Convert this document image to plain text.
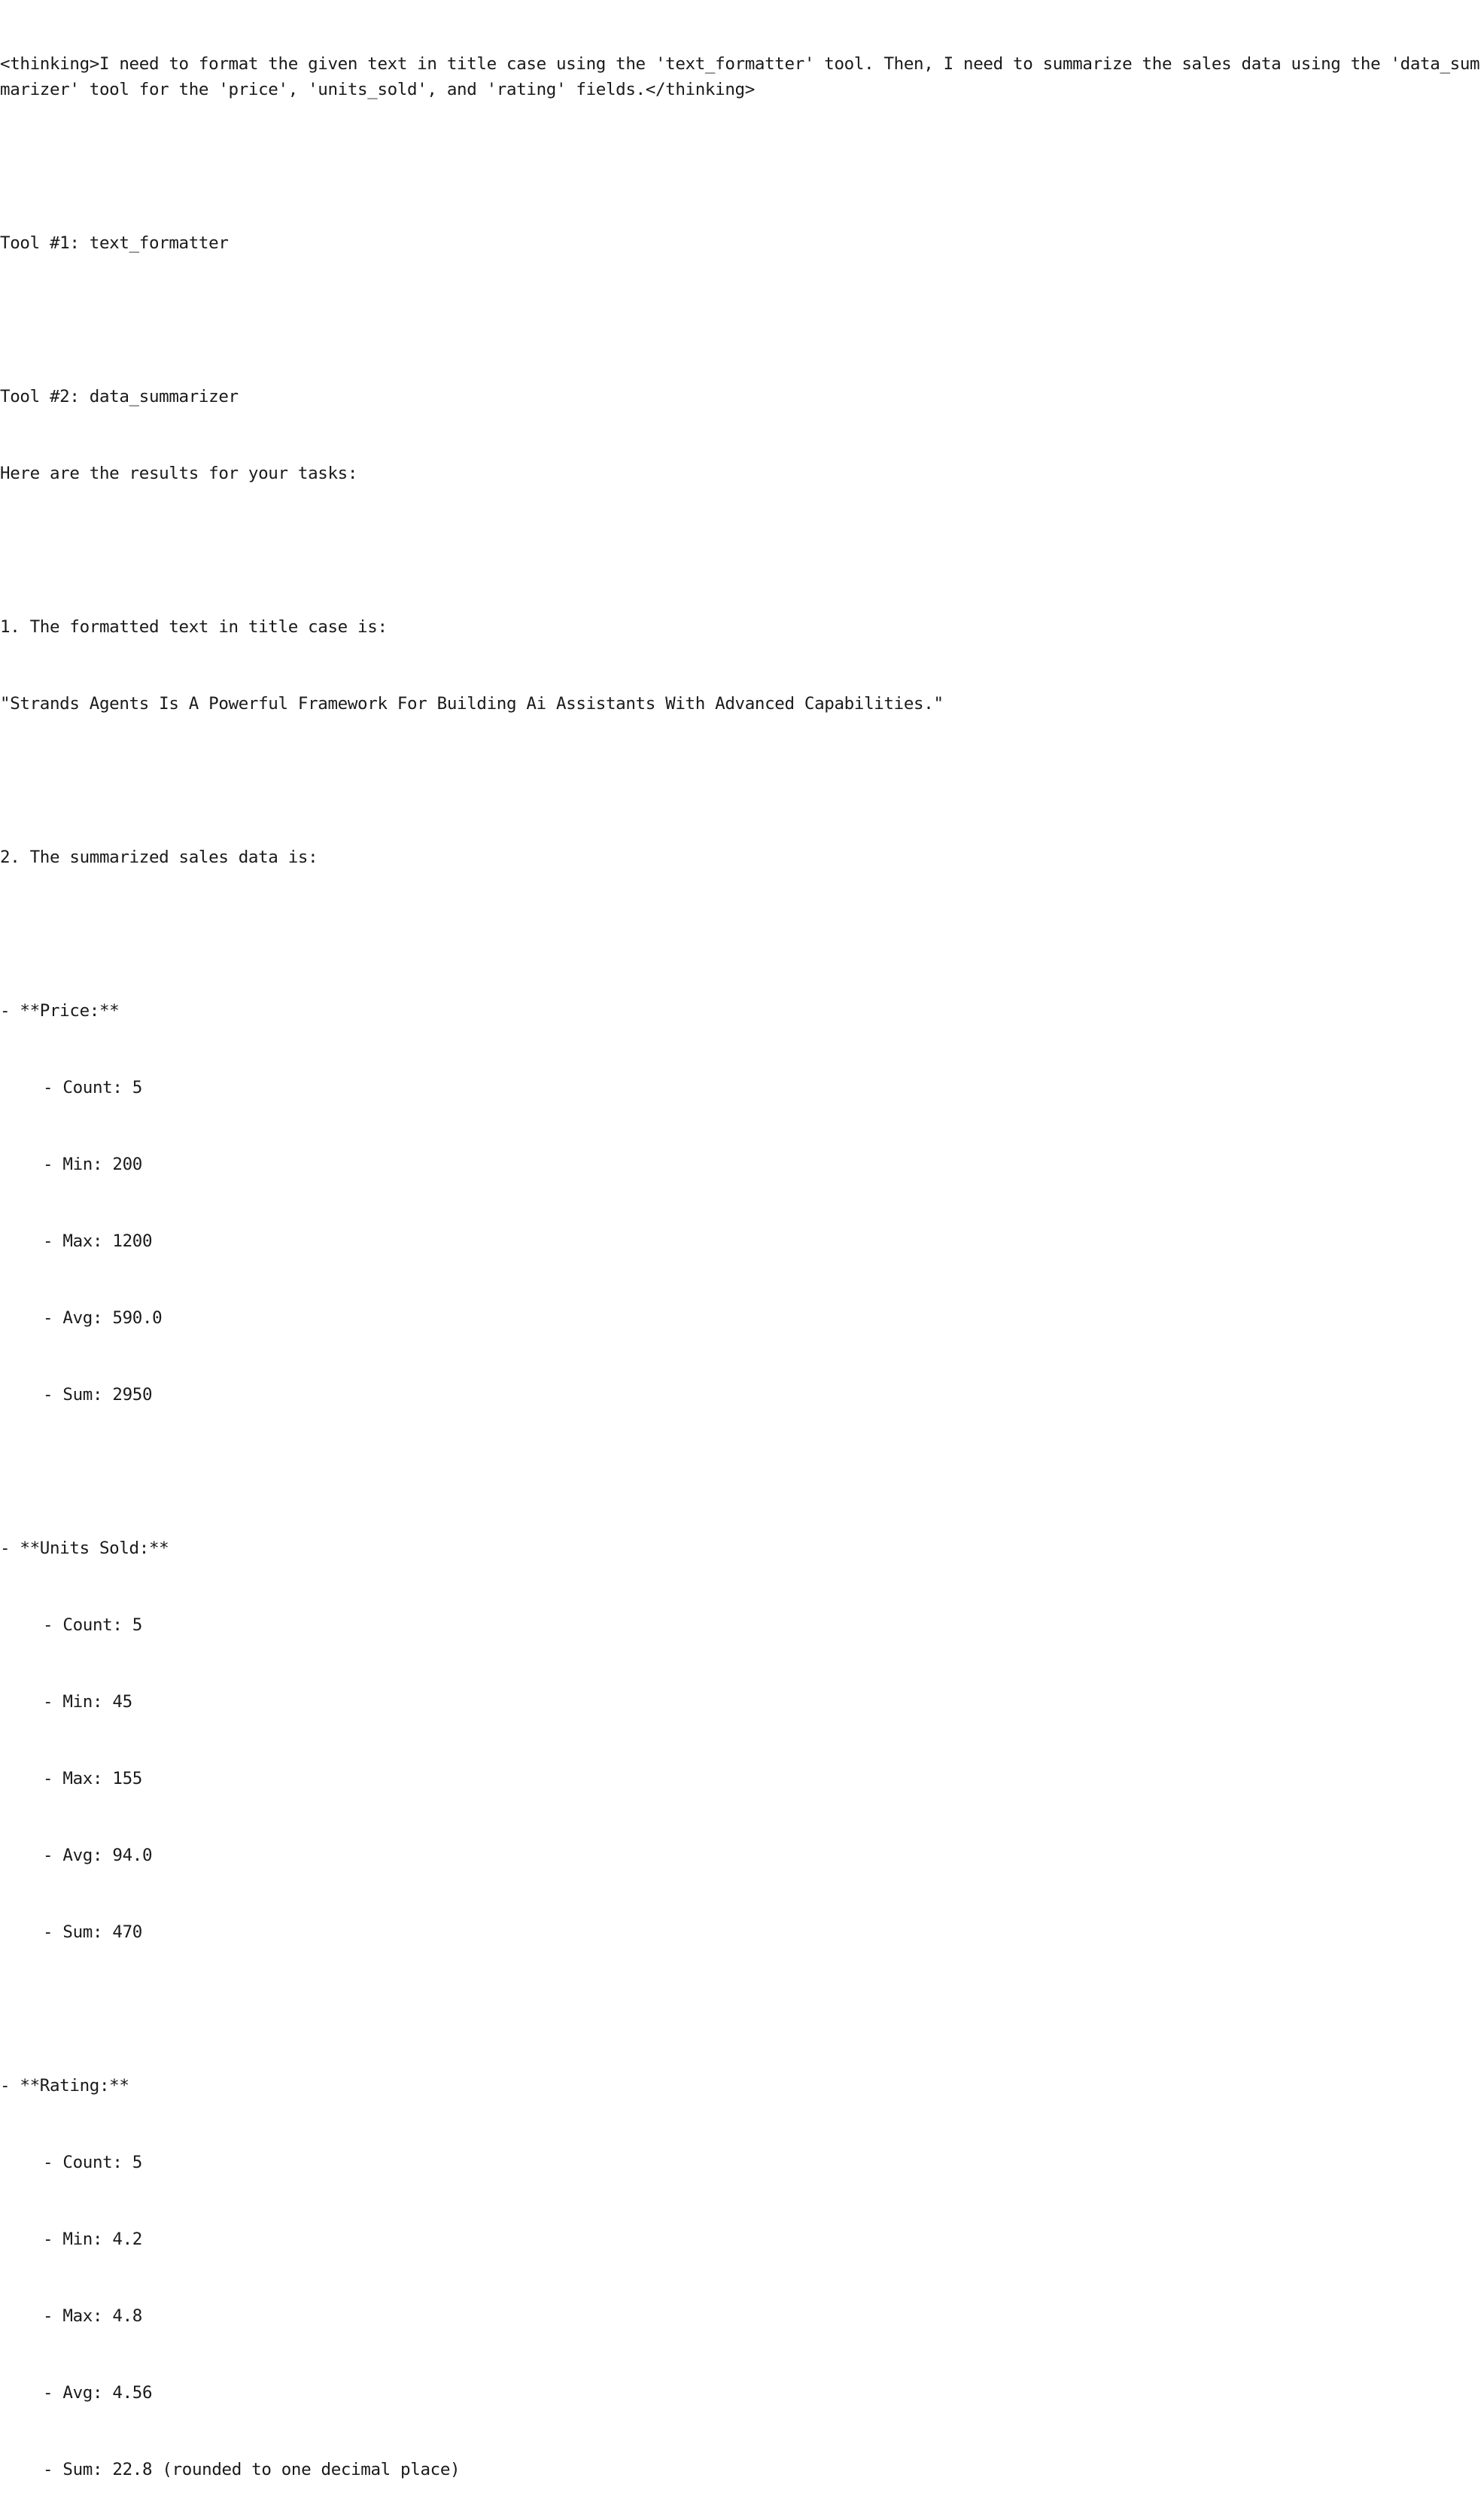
<thinking>I need to format the given text in title case using the 'text_formatter' tool. Then, I need to summarize the sales data using the 'data_summarizer' tool for the 'price', 'units_sold', and 'rating' fields.</thinking>

Tool #1: text_formatter

Tool #2: data_summarizer

Here are the results for your tasks:

1. The formatted text in title case is:

"Strands Agents Is A Powerful Framework For Building Ai Assistants With Advanced Capabilities."

2. The summarized sales data is:

- **Price:**

- Count: 5

- Min: 200

- Max: 1200

- Avg: 590.0

- Sum: 2950

- **Units Sold:**

- Count: 5

- Min: 45

- Max: 155

- Avg: 94.0

- Sum: 470

- **Rating:**

- Count: 5

- Min: 4.2

- Max: 4.8

- Avg: 4.56

- Sum: 22.8 (rounded to one decimal place)
